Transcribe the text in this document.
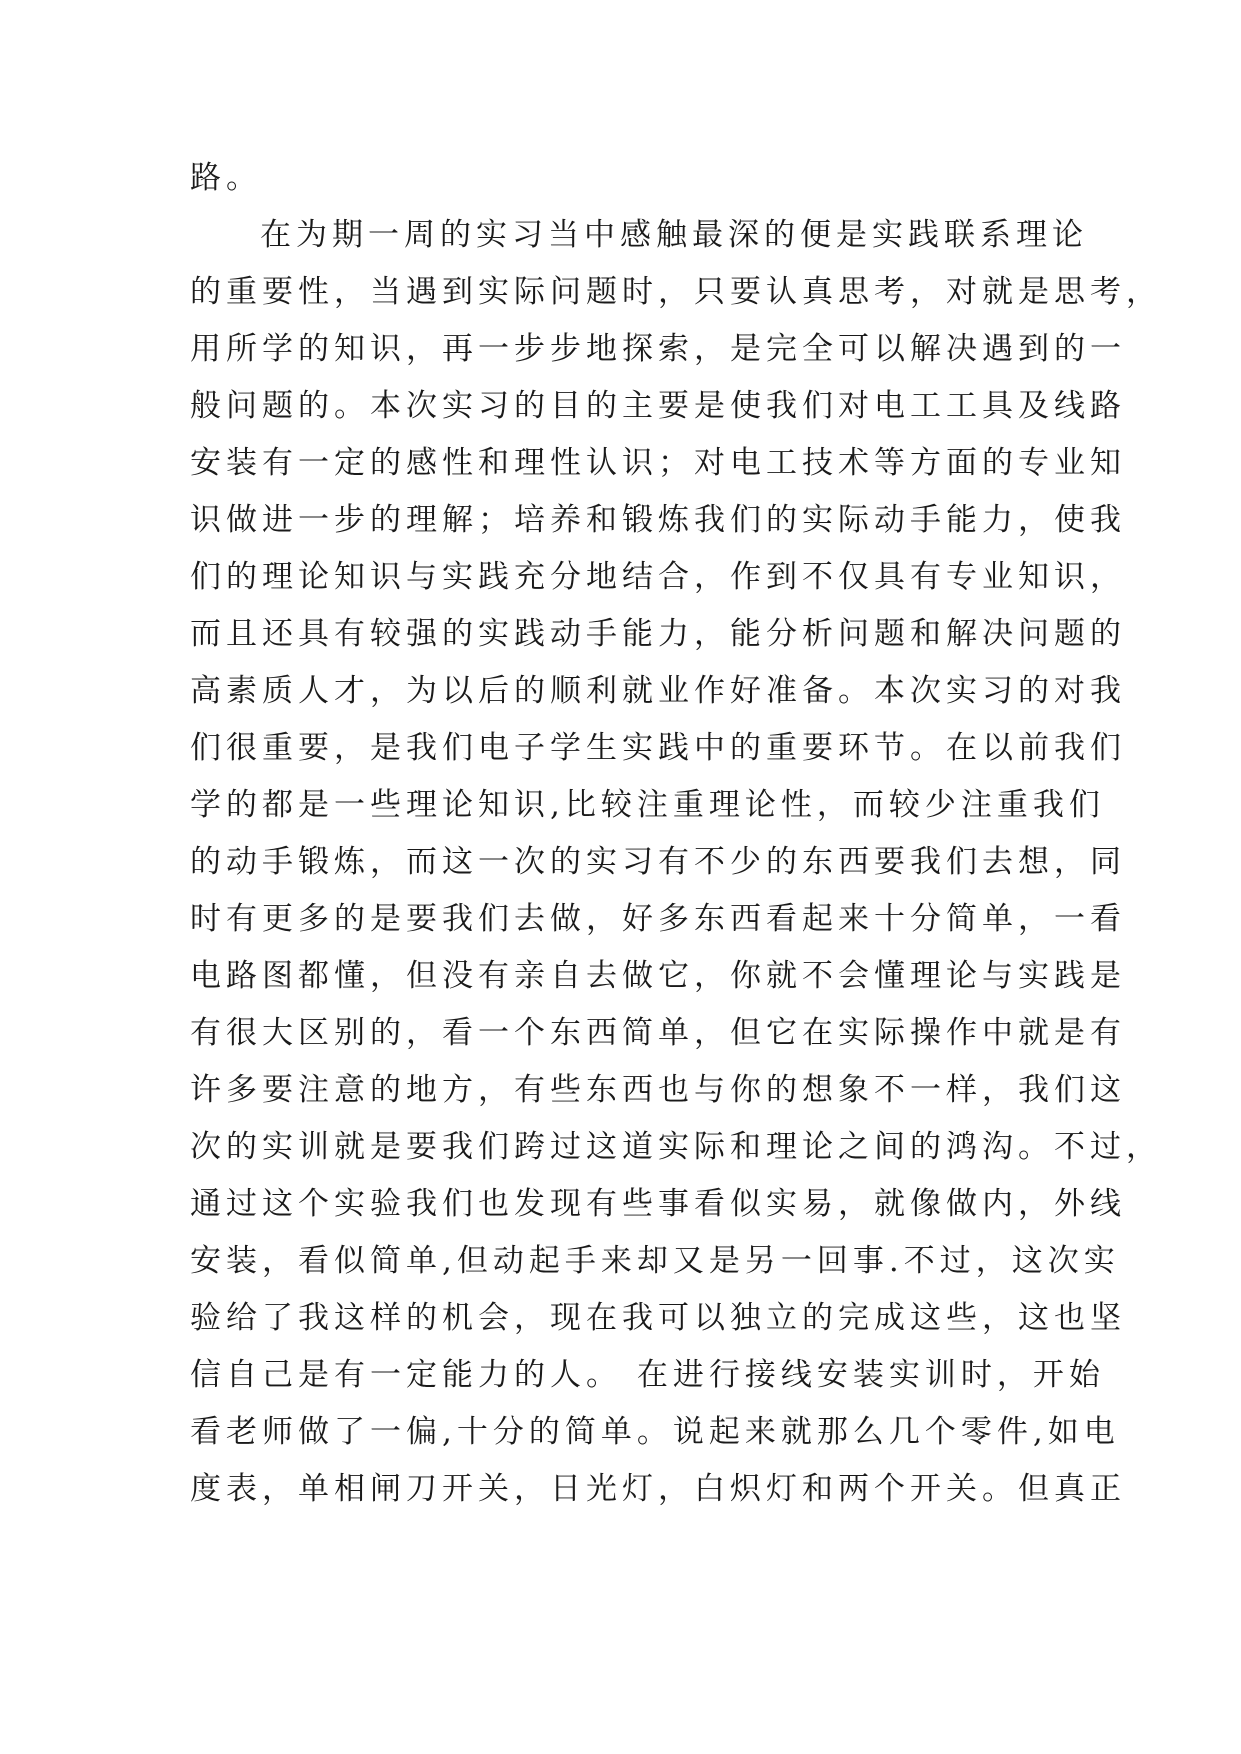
路。
在为期一周的实习当中感触最深的便是实践联系理论
的重要性，当遇到实际问题时，只要认真思考，对就是思考，
用所学的知识，再一步步地探索，是完全可以解决遇到的一
般问题的。本次实习的目的主要是使我们对电工工具及线路
安装有一定的感性和理性认识；对电工技术等方面的专业知
识做进一步的理解；培养和锻炼我们的实际动手能力，使我
们的理论知识与实践充分地结合，作到不仅具有专业知识，
而且还具有较强的实践动手能力，能分析问题和解决问题的
高素质人才，为以后的顺利就业作好准备。本次实习的对我
们很重要，是我们电子学生实践中的重要环节。在以前我们
学的都是一些理论知识,比较注重理论性，而较少注重我们
的动手锻炼，而这一次的实习有不少的东西要我们去想，同
时有更多的是要我们去做，好多东西看起来十分简单，一看
电路图都懂，但没有亲自去做它，你就不会懂理论与实践是
有很大区别的，看一个东西简单，但它在实际操作中就是有
许多要注意的地方，有些东西也与你的想象不一样，我们这
次的实训就是要我们跨过这道实际和理论之间的鸿沟。不过，
通过这个实验我们也发现有些事看似实易，就像做内，外线
安装，看似简单,但动起手来却又是另一回事.不过，这次实
验给了我这样的机会，现在我可以独立的完成这些，这也坚
信自己是有一定能力的人。 在进行接线安装实训时，开始
看老师做了一偏,十分的简单。说起来就那么几个零件,如电
度表，单相闸刀开关，日光灯，白炽灯和两个开关。但真正
